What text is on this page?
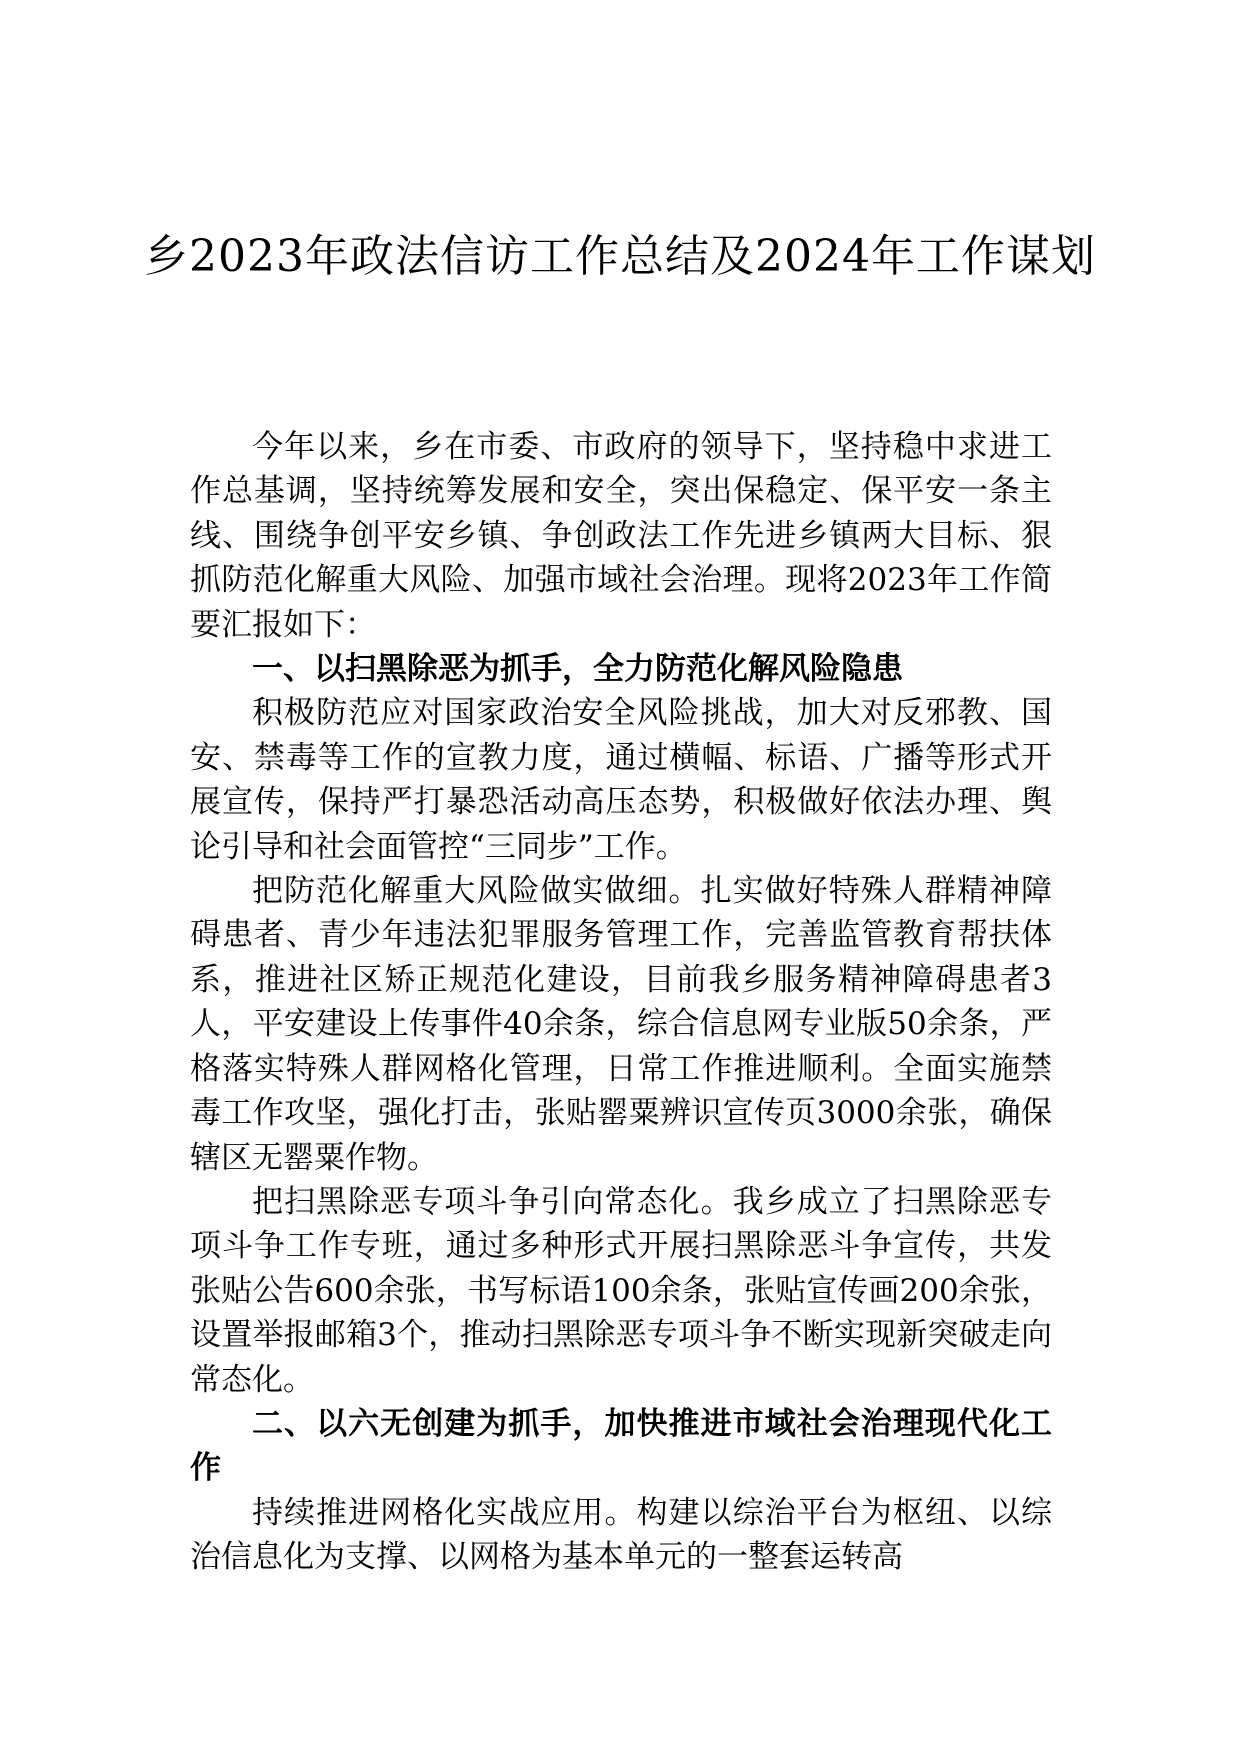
乡2023年政法信访工作总结及2024年工作谋划

今年以来，乡在市委、市政府的领导下，坚持稳中求进工作总基调，坚持统筹发展和安全，突出保稳定、保平安一条主线、围绕争创平安乡镇、争创政法工作先进乡镇两大目标、狠抓防范化解重大风险、加强市域社会治理。现将2023年工作简要汇报如下：

一、以扫黑除恶为抓手，全力防范化解风险隐患

积极防范应对国家政治安全风险挑战，加大对反邪教、国安、禁毒等工作的宣教力度，通过横幅、标语、广播等形式开展宣传，保持严打暴恐活动高压态势，积极做好依法办理、舆论引导和社会面管控“三同步”工作。

把防范化解重大风险做实做细。扎实做好特殊人群精神障碍患者、青少年违法犯罪服务管理工作，完善监管教育帮扶体系，推进社区矫正规范化建设，目前我乡服务精神障碍患者3人，平安建设上传事件40余条，综合信息网专业版50余条，严格落实特殊人群网格化管理，日常工作推进顺利。全面实施禁毒工作攻坚，强化打击，张贴罂粟辨识宣传页3000余张，确保辖区无罂粟作物。

把扫黑除恶专项斗争引向常态化。我乡成立了扫黑除恶专项斗争工作专班，通过多种形式开展扫黑除恶斗争宣传，共发张贴公告600余张，书写标语100余条，张贴宣传画200余张，设置举报邮箱3个，推动扫黑除恶专项斗争不断实现新突破走向常态化。

二、以六无创建为抓手，加快推进市域社会治理现代化工作

持续推进网格化实战应用。构建以综治平台为枢纽、以综治信息化为支撑、以网格为基本单元的一整套运转高
